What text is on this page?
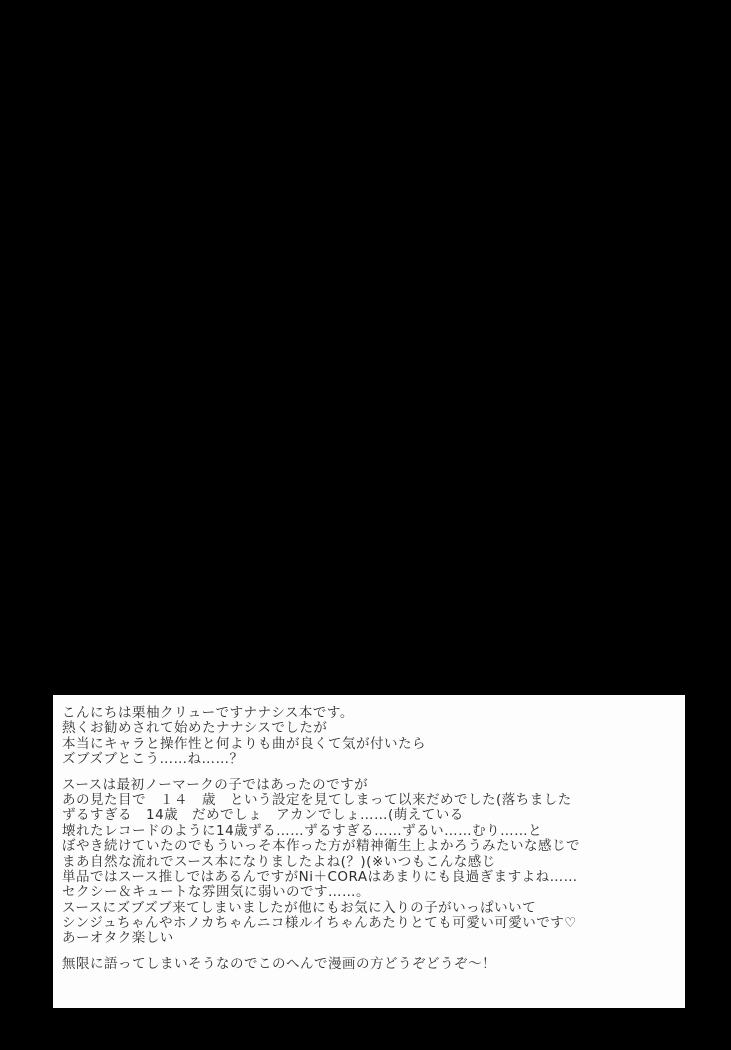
こんにちは栗柚クリューですナナシス本です。
熱くお勧めされて始めたナナシスでしたが
本当にキャラと操作性と何よりも曲が良くて気が付いたら
ズブズブとこう……ね……？

スースは最初ノーマークの子ではあったのですが
あの見た目で　１４　歳　という設定を見てしまって以来だめでした(落ちました
ずるすぎる　14歳　だめでしょ　アカンでしょ……(萌えている
壊れたレコードのように14歳ずる……ずるすぎる……ずるい……むり……と
ぼやき続けていたのでもういっそ本作った方が精神衛生上よかろうみたいな感じで
まあ自然な流れでスース本になりましたよね(？)(※いつもこんな感じ
単品ではスース推しではあるんですがNi＋CORAはあまりにも良過ぎますよね……
セクシー＆キュートな雰囲気に弱いのです……。
スースにズブズブ来てしまいましたが他にもお気に入りの子がいっぱいいて
シンジュちゃんやホノカちゃんニコ様ルイちゃんあたりとても可愛い可愛いです♡
あーオタク楽しい

無限に語ってしまいそうなのでこのへんで漫画の方どうぞどうぞ～！
